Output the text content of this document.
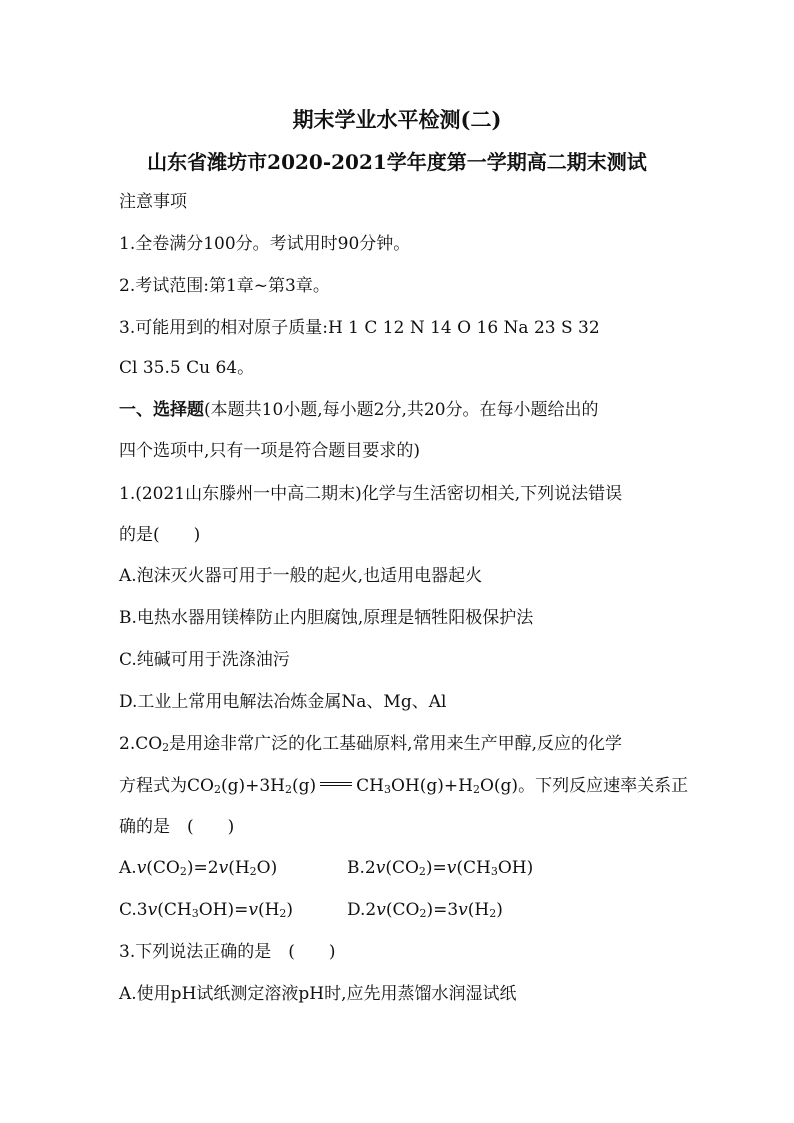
期末学业水平检测(二)
山东省潍坊市2020-2021学年度第一学期高二期末测试
注意事项
1.全卷满分100分。考试用时90分钟。
2.考试范围:第1章~第3章。
3.可能用到的相对原子质量:H 1 C 12 N 14 O 16 Na 23 S 32
Cl 35.5 Cu 64。
一、选择题(本题共10小题,每小题2分,共20分。在每小题给出的
四个选项中,只有一项是符合题目要求的)
1.(2021山东滕州一中高二期末)化学与生活密切相关,下列说法错误
的是(　　)
A.泡沫灭火器可用于一般的起火,也适用电器起火
B.电热水器用镁棒防止内胆腐蚀,原理是牺牲阳极保护法
C.纯碱可用于洗涤油污
D.工业上常用电解法冶炼金属Na、Mg、Al
$2.CO_2$是用途非常广泛的化工基础原料,常用来生产甲醇,反应的化学
方程式为$CO_2(g)+3H_2(g)$ $CH_3OH(g)+H_2O(g)$。下列反应速率关系正
确的是　(　　)
$A.v(CO_2)=2v(H_2O)$	$B.2v(CO_2)=v(CH_3OH)$
$C.3v(CH_3OH)=v(H_2)$	$D.2v(CO_2)=3v(H_2)$
3.下列说法正确的是　(　　)
A.使用pH试纸测定溶液pH时,应先用蒸馏水润湿试纸
